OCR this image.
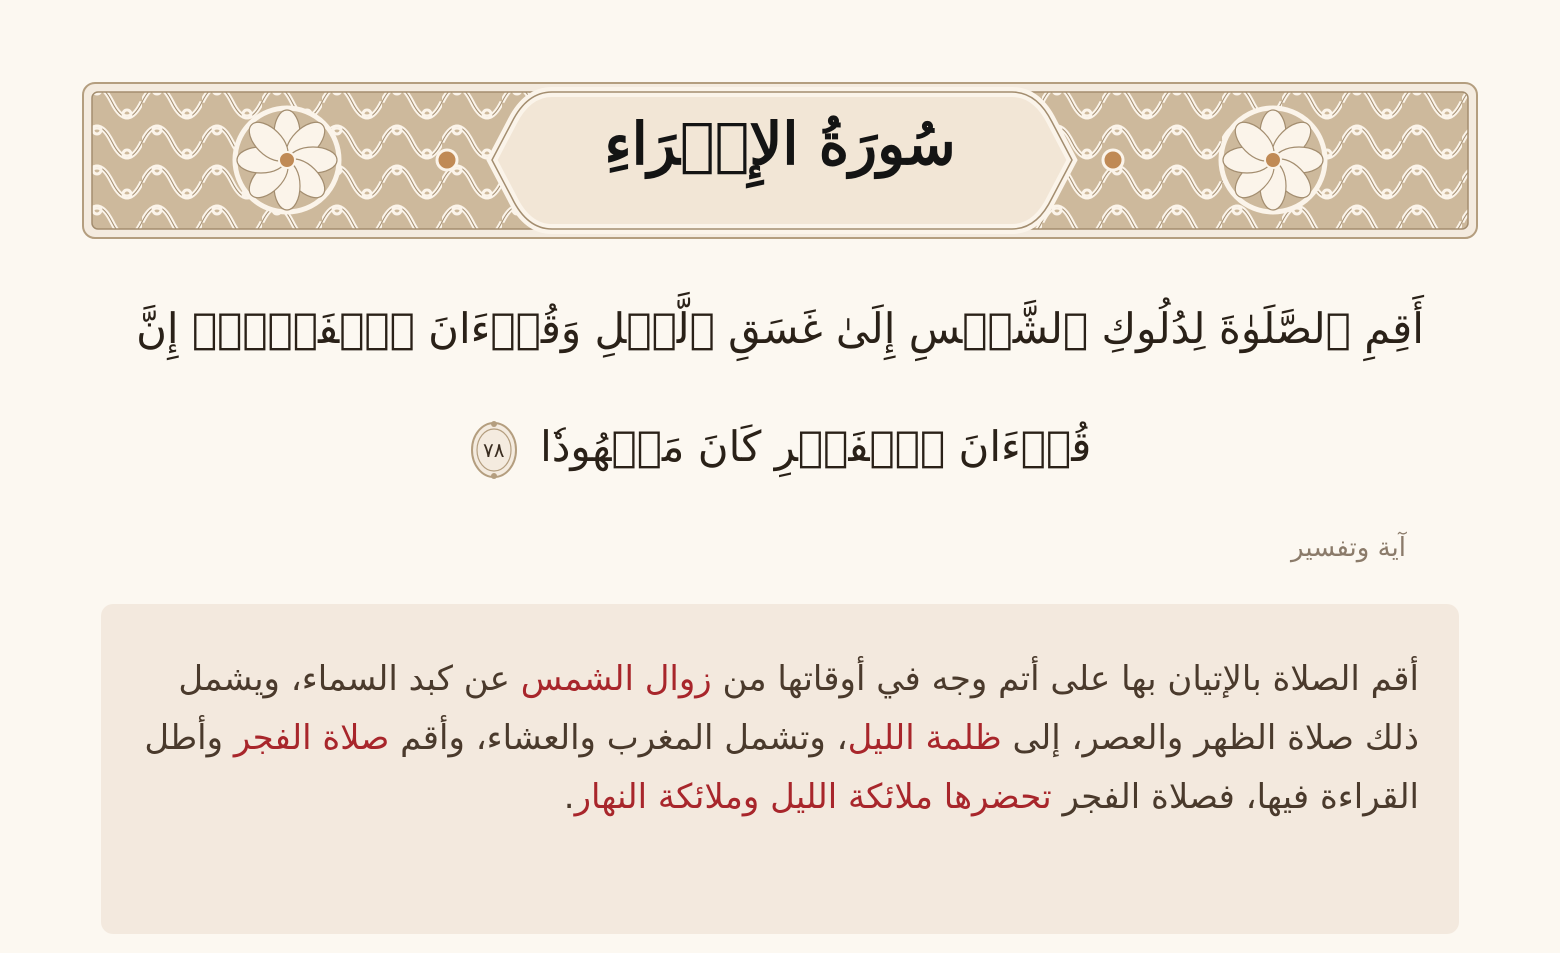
سُورَةُ الإِسۡرَاءِ
أَقِمِ ٱلصَّلَوٰةَ لِدُلُوكِ ٱلشَّمۡسِ إِلَىٰ غَسَقِ ٱلَّيۡلِ وَقُرۡءَانَ ٱلۡفَجۡرِۖ إِنَّ قُرۡءَانَ ٱلۡفَجۡرِ كَانَ مَشۡهُودٗا
٧٨
آية وتفسير
أقم الصلاة بالإتيان بها على أتم وجه في أوقاتها من زوال الشمس عن كبد السماء، ويشمل ذلك صلاة الظهر والعصر، إلى ظلمة الليل، وتشمل المغرب والعشاء، وأقم صلاة الفجر وأطل القراءة فيها، فصلاة الفجر تحضرها ملائكة الليل وملائكة النهار.
